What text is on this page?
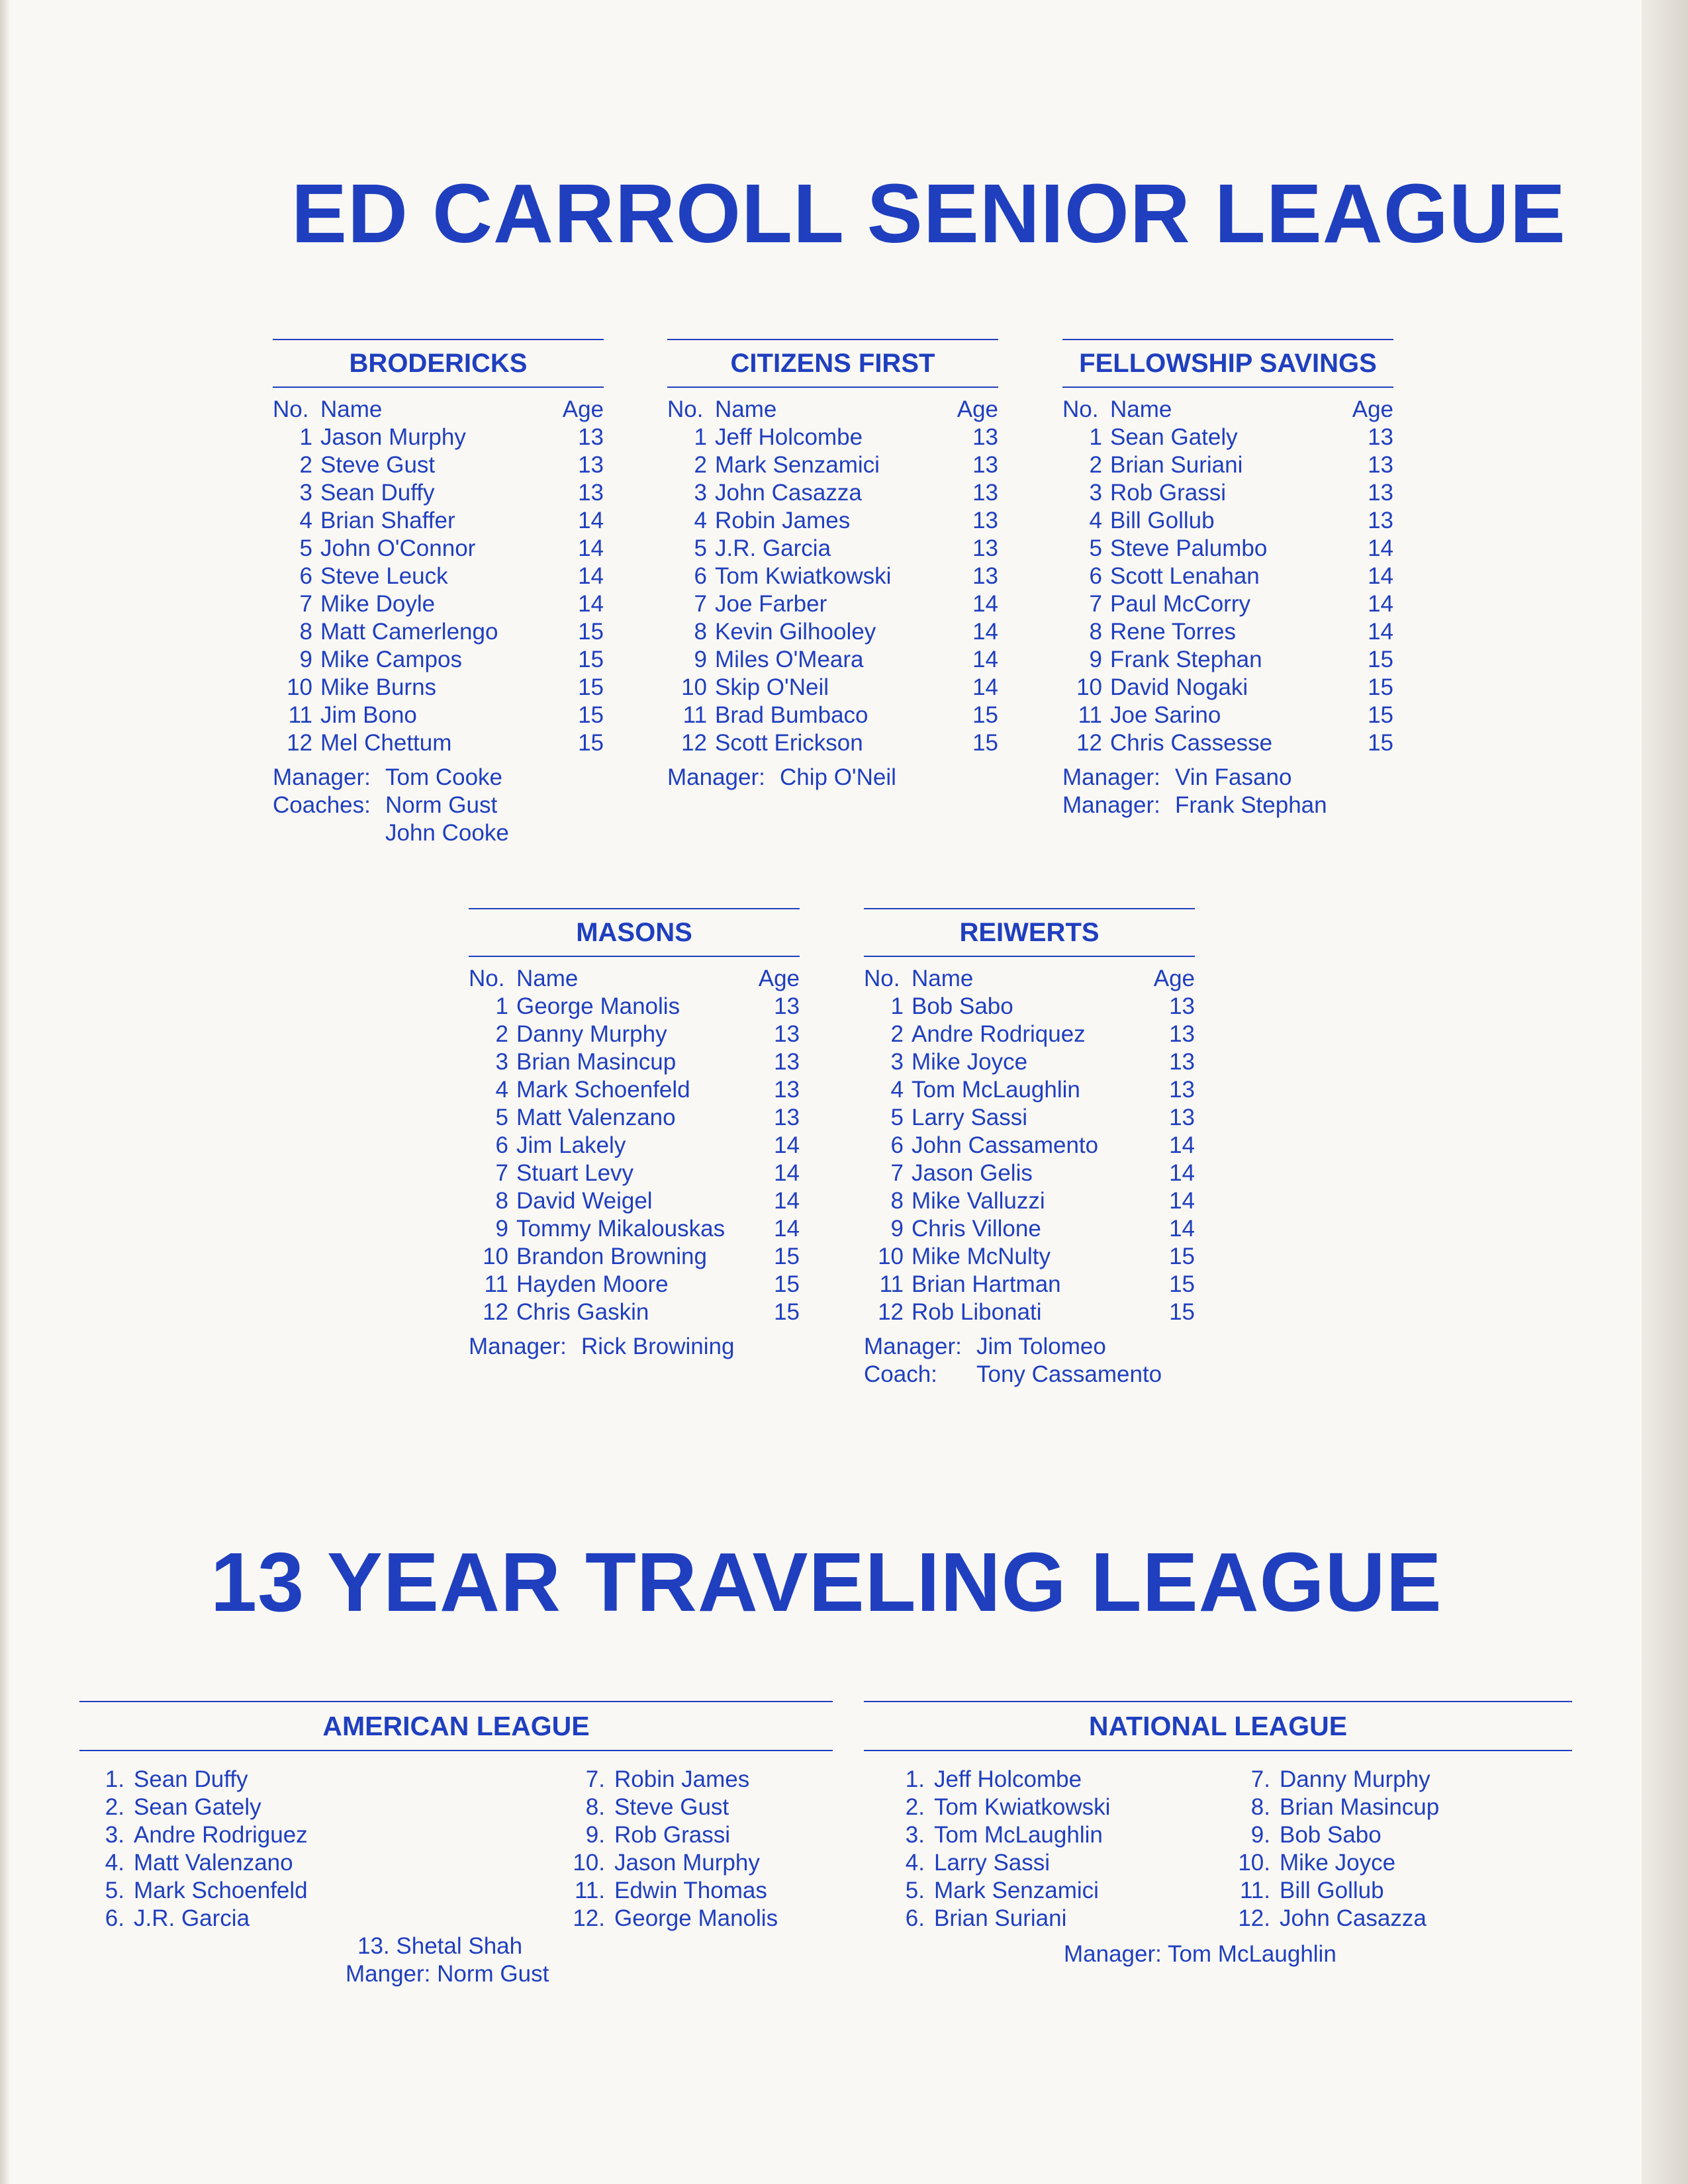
ED CARROLL SENIOR LEAGUE
BRODERICKS
No. Name	Age
1 Jason Murphy	13
2 Steve Gust	13
3 Sean Duffy	13
4 Brian Shaffer	14
5 John O'Connor	14
6 Steve Leuck	14
7 Mike Doyle	14
8 Matt Camerlengo	15
9 Mike Campos	15
10 Mike Burns	15
11 Jim Bono	15
12 Mel Chettum	15
Manager: Tom Cooke
Coaches: Norm Gust
John Cooke
CITIZENS FIRST
No. Name	Age
1 Jeff Holcombe	13
2 Mark Senzamici	13
3 John Casazza	13
4 Robin James	13
5 J.R. Garcia	13
6 Tom Kwiatkowski	13
7 Joe Farber	14
8 Kevin Gilhooley	14
9 Miles O'Meara	14
10 Skip O'Neil	14
11 Brad Bumbaco	15
12 Scott Erickson	15
Manager: Chip O'Neil
FELLOWSHIP SAVINGS
No. Name	Age
1 Sean Gately	13
2 Brian Suriani	13
3 Rob Grassi	13
4 Bill Gollub	13
5 Steve Palumbo	14
6 Scott Lenahan	14
7 Paul McCorry	14
8 Rene Torres	14
9 Frank Stephan	15
10 David Nogaki	15
11 Joe Sarino	15
12 Chris Cassesse	15
Manager: Vin Fasano
Manager: Frank Stephan
MASONS
No. Name	Age
1 George Manolis	13
2 Danny Murphy	13
3 Brian Masincup	13
4 Mark Schoenfeld	13
5 Matt Valenzano	13
6 Jim Lakely	14
7 Stuart Levy	14
8 David Weigel	14
9 Tommy Mikalouskas	14
10 Brandon Browning	15
11 Hayden Moore	15
12 Chris Gaskin	15
Manager: Rick Browining
REIWERTS
No. Name	Age
1 Bob Sabo	13
2 Andre Rodriquez	13
3 Mike Joyce	13
4 Tom McLaughlin	13
5 Larry Sassi	13
6 John Cassamento	14
7 Jason Gelis	14
8 Mike Valluzzi	14
9 Chris Villone	14
10 Mike McNulty	15
11 Brian Hartman	15
12 Rob Libonati	15
Manager: Jim Tolomeo
Coach:	Tony Cassamento
13 YEAR TRAVELING LEAGUE
AMERICAN LEAGUE
1. Sean Duffy
2. Sean Gately
3. Andre Rodriguez
4. Matt Valenzano
5. Mark Schoenfeld
6. J.R. Garcia
7. Robin James
8. Steve Gust
9. Rob Grassi
10. Jason Murphy
11. Edwin Thomas
12. George Manolis
13. Shetal Shah
Manger: Norm Gust
NATIONAL LEAGUE
1. Jeff Holcombe
2. Tom Kwiatkowski
3. Tom McLaughlin
4. Larry Sassi
5. Mark Senzamici
6. Brian Suriani
7. Danny Murphy
8. Brian Masincup
9. Bob Sabo
10. Mike Joyce
11. Bill Gollub
12. John Casazza
Manager: Tom McLaughlin
